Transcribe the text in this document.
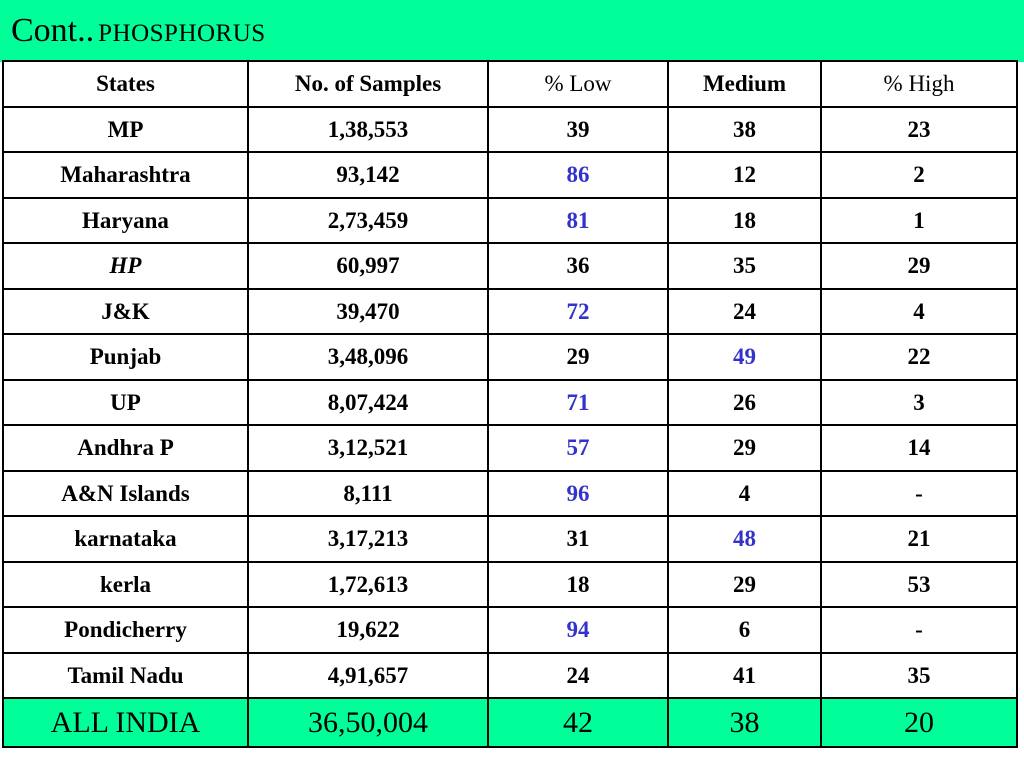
Cont.. PHOSPHORUS
States	No. of Samples	% Low	Medium	% High
MP	1,38,553	39	38	23
Maharashtra	93,142	86	12	2
Haryana	2,73,459	81	18	1
HP	60,997	36	35	29
J&K	39,470	72	24	4
Punjab	3,48,096	29	49	22
UP	8,07,424	71	26	3
Andhra P	3,12,521	57	29	14
A&N Islands	8,111	96	4	-
karnataka	3,17,213	31	48	21
kerla	1,72,613	18	29	53
Pondicherry	19,622	94	6	-
Tamil Nadu	4,91,657	24	41	35
ALL INDIA	36,50,004	42	38	20
